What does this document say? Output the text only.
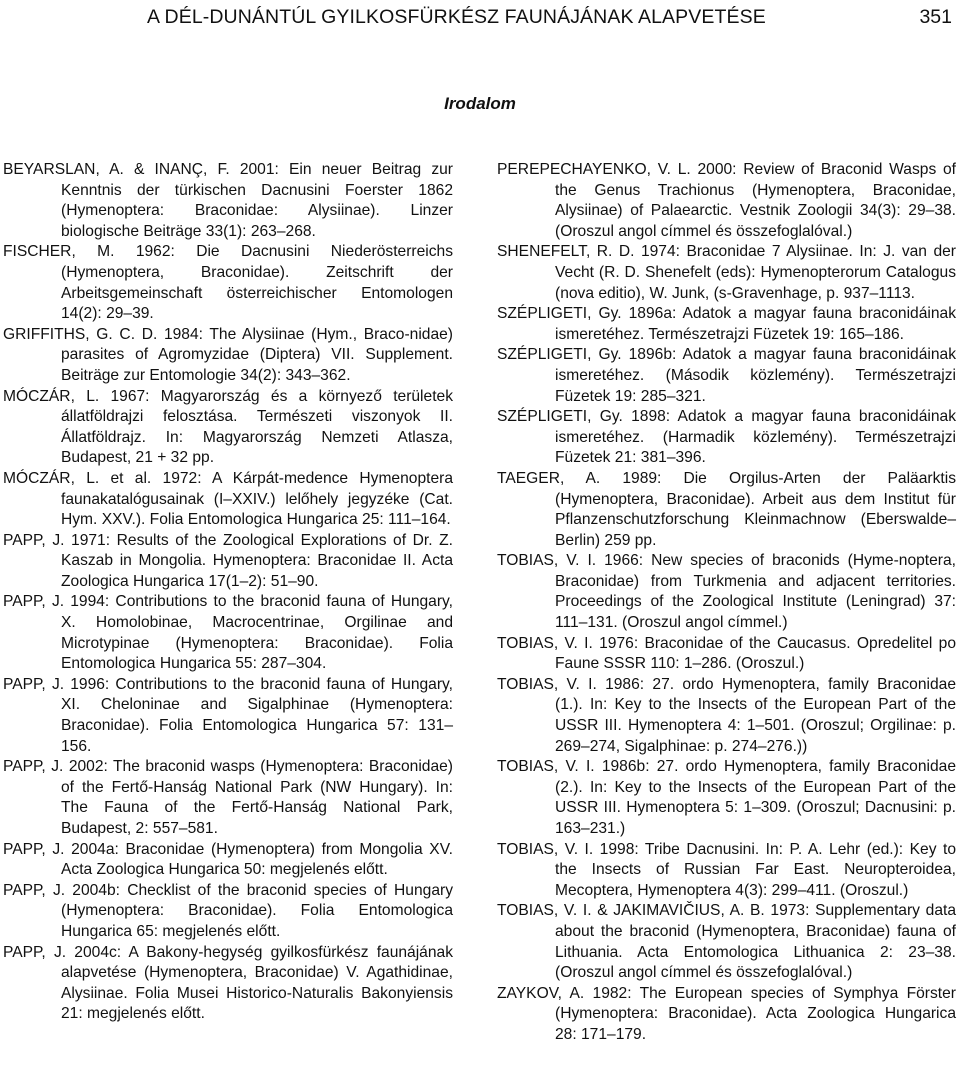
A DÉL-DUNÁNTÚL GYILKOSFÜRKÉSZ FAUNÁJÁNAK ALAPVETÉSE	351
Irodalom

BEYARSLAN, A. & INANÇ, F. 2001: Ein neuer Beitrag zur Kenntnis der türkischen Dacnusini Foerster 1862 (Hymenoptera: Braconidae: Alysiinae). Linzer biologische Beiträge 33(1): 263–268.

FISCHER, M. 1962: Die Dacnusini Niederösterreichs (Hymenoptera, Braconidae). Zeitschrift der Arbeitsgemeinschaft österreichischer Entomologen 14(2): 29–39.

GRIFFITHS, G. C. D. 1984: The Alysiinae (Hym., Braco-nidae) parasites of Agromyzidae (Diptera) VII. Supplement. Beiträge zur Entomologie 34(2): 343–362.

MÓCZÁR, L. 1967: Magyarország és a környező területek állatföldrajzi felosztása. Természeti viszonyok II. Állatföldrajz. In: Magyarország Nemzeti Atlasza, Budapest, 21 + 32 pp.

MÓCZÁR, L. et al. 1972: A Kárpát-medence Hymenoptera faunakatalógusainak (I–XXIV.) lelőhely jegyzéke (Cat. Hym. XXV.). Folia Entomologica Hungarica 25: 111–164.

PAPP, J. 1971: Results of the Zoological Explorations of Dr. Z. Kaszab in Mongolia. Hymenoptera: Braconidae II. Acta Zoologica Hungarica 17(1–2): 51–90.

PAPP, J. 1994: Contributions to the braconid fauna of Hungary, X. Homolobinae, Macrocentrinae, Orgilinae and Microtypinae (Hymenoptera: Braconidae). Folia Entomologica Hungarica 55: 287–304.

PAPP, J. 1996: Contributions to the braconid fauna of Hungary, XI. Cheloninae and Sigalphinae (Hymenoptera: Braconidae). Folia Entomologica Hungarica 57: 131–156.

PAPP, J. 2002: The braconid wasps (Hymenoptera: Braconidae) of the Fertő-Hanság National Park (NW Hungary). In: The Fauna of the Fertő-Hanság National Park, Budapest, 2: 557–581.

PAPP, J. 2004a: Braconidae (Hymenoptera) from Mongolia XV. Acta Zoologica Hungarica 50: megjelenés előtt.

PAPP, J. 2004b: Checklist of the braconid species of Hungary (Hymenoptera: Braconidae). Folia Entomologica Hungarica 65: megjelenés előtt.

PAPP, J. 2004c: A Bakony-hegység gyilkosfürkész faunájának alapvetése (Hymenoptera, Braconidae) V. Agathidinae, Alysiinae. Folia Musei Historico-Naturalis Bakonyiensis 21: megjelenés előtt.

PEREPECHAYENKO, V. L. 2000: Review of Braconid Wasps of the Genus Trachionus (Hymenoptera, Braconidae, Alysiinae) of Palaearctic. Vestnik Zoologii 34(3): 29–38. (Oroszul angol címmel és összefoglalóval.)

SHENEFELT, R. D. 1974: Braconidae 7 Alysiinae. In: J. van der Vecht (R. D. Shenefelt (eds): Hymenopterorum Catalogus (nova editio), W. Junk, (s-Gravenhage, p. 937–1113.

SZÉPLIGETI, Gy. 1896a: Adatok a magyar fauna braconidáinak ismeretéhez. Természetrajzi Füzetek 19: 165–186.

SZÉPLIGETI, Gy. 1896b: Adatok a magyar fauna braconidáinak ismeretéhez. (Második közlemény). Természetrajzi Füzetek 19: 285–321.

SZÉPLIGETI, Gy. 1898: Adatok a magyar fauna braconidáinak ismeretéhez. (Harmadik közlemény). Természetrajzi Füzetek 21: 381–396.

TAEGER, A. 1989: Die Orgilus-Arten der Paläarktis (Hymenoptera, Braconidae). Arbeit aus dem Institut für Pflanzenschutzforschung Kleinmachnow (Eberswalde–Berlin) 259 pp.

TOBIAS, V. I. 1966: New species of braconids (Hyme-noptera, Braconidae) from Turkmenia and adjacent territories. Proceedings of the Zoological Institute (Leningrad) 37: 111–131. (Oroszul angol címmel.)

TOBIAS, V. I. 1976: Braconidae of the Caucasus. Opredelitel po Faune SSSR 110: 1–286. (Oroszul.)

TOBIAS, V. I. 1986: 27. ordo Hymenoptera, family Braconidae (1.). In: Key to the Insects of the European Part of the USSR III. Hymenoptera 4: 1–501. (Oroszul; Orgilinae: p. 269–274, Sigalphinae: p. 274–276.))

TOBIAS, V. I. 1986b: 27. ordo Hymenoptera, family Braconidae (2.). In: Key to the Insects of the European Part of the USSR III. Hymenoptera 5: 1–309. (Oroszul; Dacnusini: p. 163–231.)

TOBIAS, V. I. 1998: Tribe Dacnusini. In: P. A. Lehr (ed.): Key to the Insects of Russian Far East. Neuropteroidea, Mecoptera, Hymenoptera 4(3): 299–411. (Oroszul.)

TOBIAS, V. I. & JAKIMAVIČIUS, A. B. 1973: Supplementary data about the braconid (Hymenoptera, Braconidae) fauna of Lithuania. Acta Entomologica Lithuanica 2: 23–38. (Oroszul angol címmel és összefoglalóval.)

ZAYKOV, A. 1982: The European species of Symphya Förster (Hymenoptera: Braconidae). Acta Zoologica Hungarica 28: 171–179.
